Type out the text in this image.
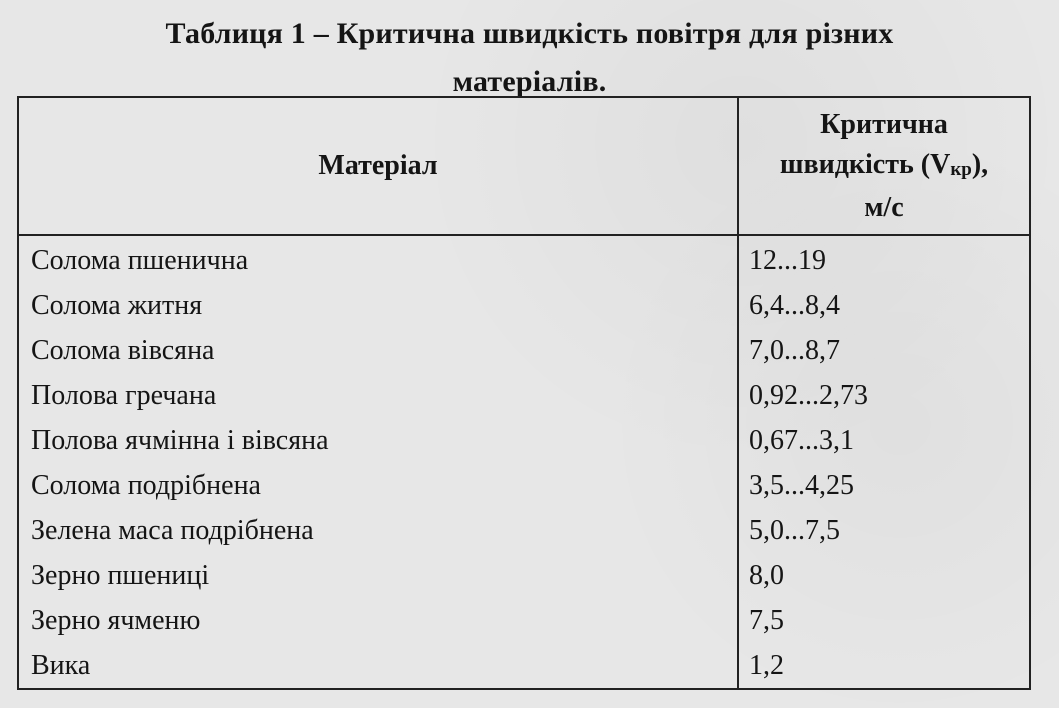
Таблиця 1 – Критична швидкість повітря для різних
матеріалів.
Матеріал	Критична
швидкість $(V_{кр})$,
м/с

Солома пшенична	12...19
Солома житня	6,4...8,4
Солома вівсяна	7,0...8,7
Полова гречана	0,92...2,73
Полова ячмінна і вівсяна	0,67...3,1
Солома подрібнена	3,5...4,25
Зелена маса подрібнена	5,0...7,5
Зерно пшениці	8,0
Зерно ячменю	7,5
Вика	1,2
